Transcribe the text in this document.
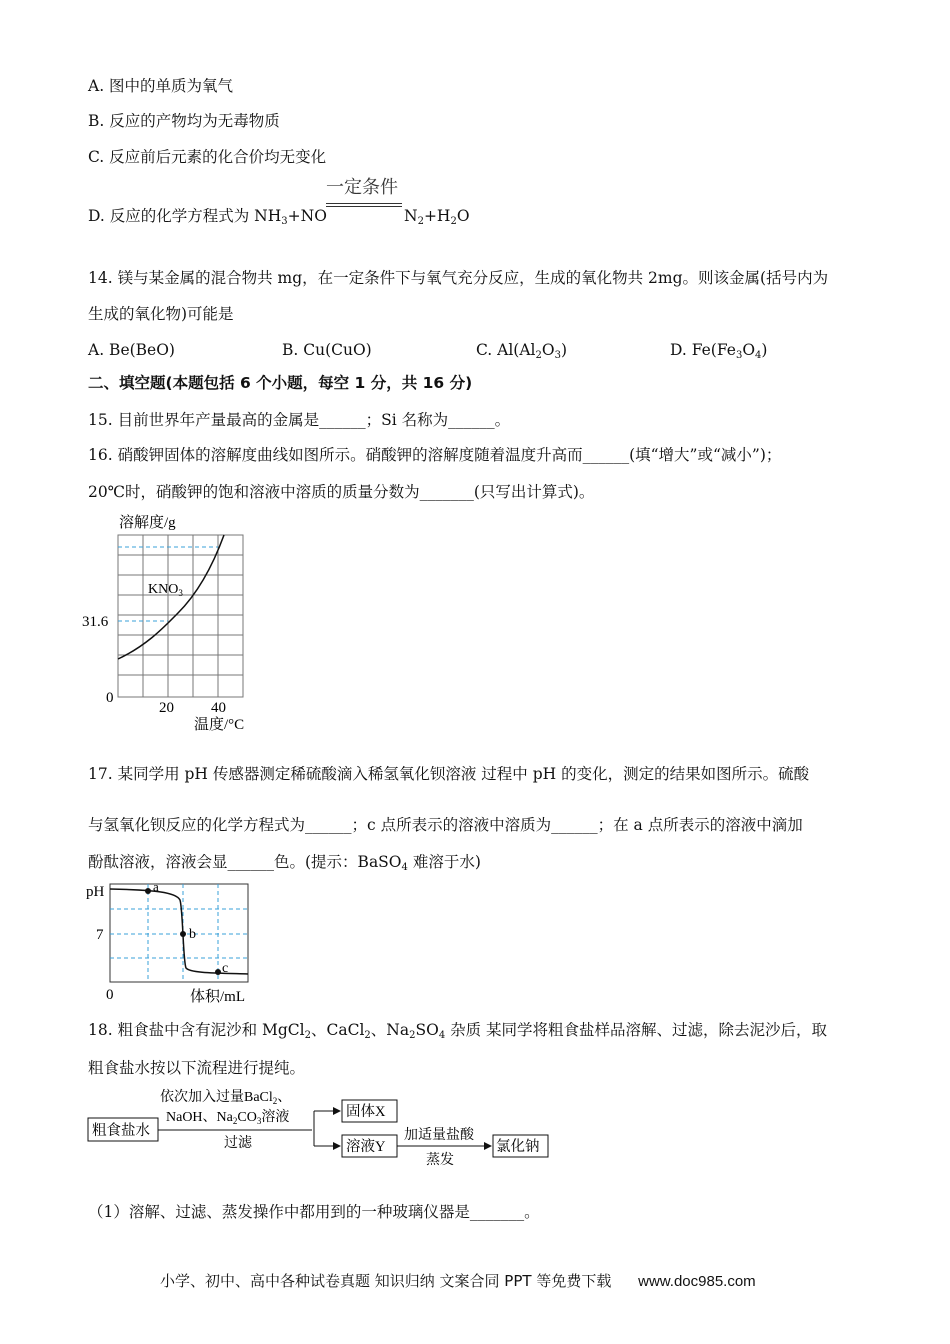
A. 图中的单质为氧气
B. 反应的产物均为无毒物质
C. 反应前后元素的化合价均无变化
D. 反应的化学方程式为 $NH_3+NO$
一定条件
$N_2+H_2O$
14. 镁与某金属的混合物共 mg，在一定条件下与氧气充分反应，生成的氧化物共 2mg。则该金属(括号内为
生成的氧化物)可能是
A. Be(BeO)	B. Cu(CuO)	C. $Al(Al_2O_3)$	D. $Fe(Fe_3O_4)$
二、填空题(本题包括 6 个小题，每空 1 分，共 16 分)
15. 目前世界年产量最高的金属是______；Si 名称为______。
16. 硝酸钾固体的溶解度曲线如图所示。硝酸钾的溶解度随着温度升高而______(填“增大”或“减小”)；
20℃时，硝酸钾的饱和溶液中溶质的质量分数为_______(只写出计算式)。
溶解度/g
$KNO_3$
31.6
0
20 40
温度/°C
17. 某同学用 pH 传感器测定稀硫酸滴入稀氢氧化钡溶液 过程中 pH 的变化，测定的结果如图所示。硫酸
与氢氧化钡反应的化学方程式为______；c 点所表示的溶液中溶质为______；在 a 点所表示的溶液中滴加
酚酞溶液，溶液会显______色。(提示：BaSO$_4$ 难溶于水)
a
b
c
pH
7
0	体积/mL
18. 粗食盐中含有泥沙和 MgCl$_2$、CaCl$_2$、$Na_2SO_4$ 杂质 某同学将粗食盐样品溶解、过滤，除去泥沙后，取
粗食盐水按以下流程进行提纯。
粗食盐水
依次加入过量BaCl$_2$、
NaOH、$Na_2CO_3$溶液
过滤
固体X
溶液Y
加适量盐酸
蒸发
氯化钠
（1）溶解、过滤、蒸发操作中都用到的一种玻璃仪器是_______。
小学、初中、高中各种试卷真题 知识归纳 文案合同 PPT 等免费下载 www.doc985.com
